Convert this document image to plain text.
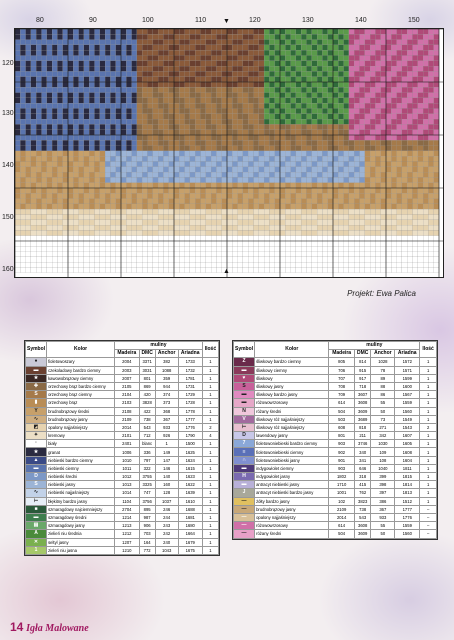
80	90	100	110	120	130	140	150
120
130
140
150
160
▼
▲
Projekt: Ewa Palica
Symbol	Kolor	muliny				Ilość
		Madeira	DMC	Anchor	Ariadna	
●	fioletowoszary	2004	3371	382	1733	1
▬	czekoladowy bardzo ciemny	2003	3031	1088	1732	1
★	kawowobrązowy ciemny	2007	801	359	1781	1
✚	orzechowy brąz bardzo ciemny	2105	869	944	1731	1
S	orzechowy brąz ciemny	2104	420	374	1729	1
▮	orzechowy brąz	2103	3828	373	1728	1
Y	brudnobrązowy średni	2108	422	368	1778	1
∿	brudnobrązowy jasny	2109	738	367	1777	1
◩	opalony najjaśniejszy	2014	543	933	1776	2
✦	kremowy	2101	712	926	1790	4
·	biały	2401	blanc	1	1500	1
★	granat	1006	336	149	1625	1
▲	niebieski bardzo ciemny	1010	797	147	1624	1
▬	niebieski ciemny	1011	322	146	1615	1
D	niebieski średni	1012	3755	140	1623	1
S	niebieski jasny	1013	3325	160	1622	1
∿	niebieski najjaśniejszy	1014	747	128	1639	1
⊢	błękitny bardzo jasny	1104	3756	1037	1610	1
■	szmaragdowy najciemniejszy	2704	895	246	1688	1
▬	szmaragdowy średni	1214	987	244	1681	1
▤	szmaragdowy jasny	1213	906	243	1680	1
A	zielień niu średnia	1212	703	242	1664	1
✕	seltyl jasny	1207	164	240	1679	1
1	zieleń niu jasna	1210	772	1043	1675	1
Symbol	Kolor	muliny				Ilość
		Madeira	DMC	Anchor	Ariadna	
Z	śliwkowy bardzo ciemny	805	814	1028	1572	1
▬	śliwkowy ciemny	706	915	78	1571	1
♥	śliwkowy	707	917	89	1599	1
S	śliwkowy jasny	708	718	88	1600	1
▬	śliwkowy bardzo jasny	709	3607	86	1567	1
▬	różowowrzosowy	614	3608	55	1559	1
N	różany średni	504	3609	50	1560	1
V	śliwkowy róż najjaśniejszy	503	3689	73	1549	1
⊢	śliwkowy róż najjaśniejszy	608	818	271	1543	2
D	lawendowy jasny	801	211	342	1607	1
7	fioletowoniebieski bardzo ciemny	903	3746	1030	1605	1
≡	fioletowoniebieski ciemny	902	340	109	1608	1
∩	fioletowoniebieski jasny	901	341	108	1604	1
▬	indygowiolet ciemny	903	646	1040	1811	1
H	indygowiolet jasny	1802	318	399	1815	1
▬	antracyt niebieski jasny	1710	415	398	1814	1
J	antracyt niebieski bardzo jasny	1001	762	397	1813	1
—	żółty bardzo jasny	102	3823	386	1512	1
—	brudnobrązowy jasny	2109	738	367	1777	–
—	opalony najjaśniejszy	2014	543	933	1776	–
—	różowowrzosowy	614	3608	55	1559	–
—	różany średni	504	3609	50	1560	–
14 Igła Malowane
